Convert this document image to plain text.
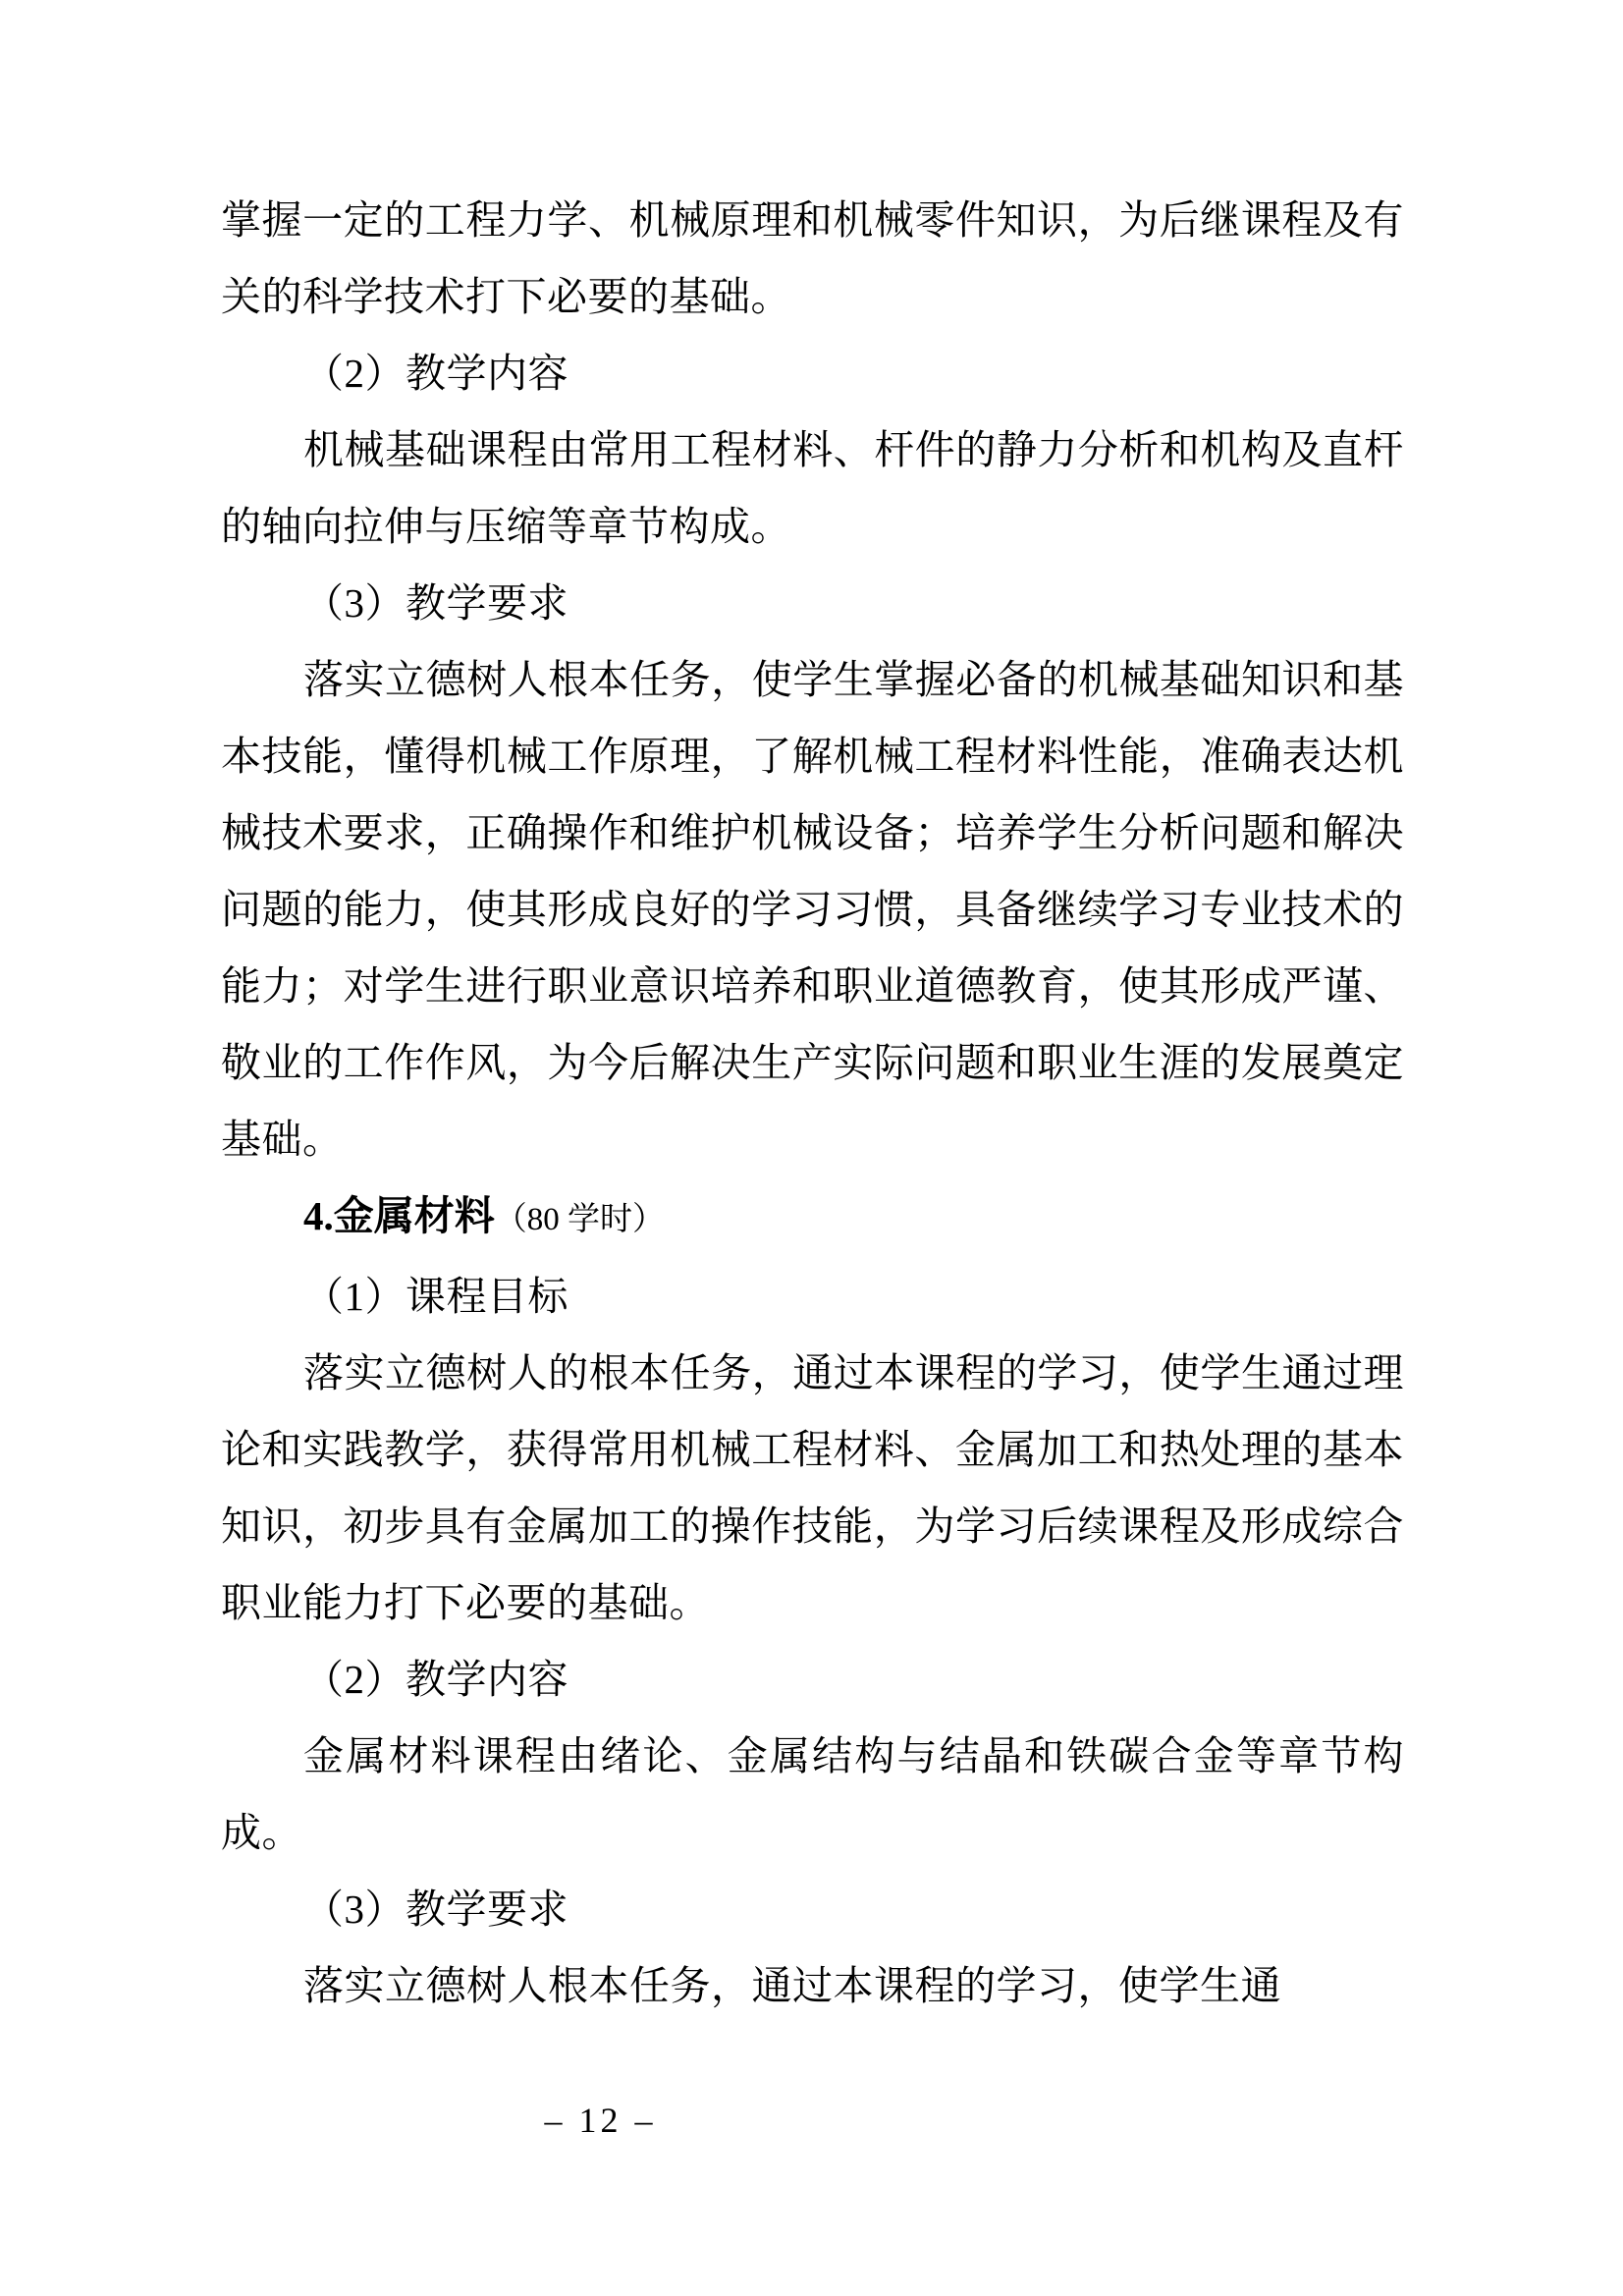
掌握一定的工程力学、机械原理和机械零件知识，为后继课程及有关的科学技术打下必要的基础。

（2）教学内容

机械基础课程由常用工程材料、杆件的静力分析和机构及直杆的轴向拉伸与压缩等章节构成。

（3）教学要求

落实立德树人根本任务，使学生掌握必备的机械基础知识和基本技能，懂得机械工作原理，了解机械工程材料性能，准确表达机械技术要求，正确操作和维护机械设备；培养学生分析问题和解决问题的能力，使其形成良好的学习习惯，具备继续学习专业技术的能力；对学生进行职业意识培养和职业道德教育，使其形成严谨、敬业的工作作风，为今后解决生产实际问题和职业生涯的发展奠定基础。

4.金属材料（80 学时）

（1）课程目标

落实立德树人的根本任务，通过本课程的学习，使学生通过理论和实践教学，获得常用机械工程材料、金属加工和热处理的基本知识，初步具有金属加工的操作技能，为学习后续课程及形成综合职业能力打下必要的基础。

（2）教学内容

金属材料课程由绪论、金属结构与结晶和铁碳合金等章节构成。

（3）教学要求

落实立德树人根本任务，通过本课程的学习，使学生通

– 12 –
